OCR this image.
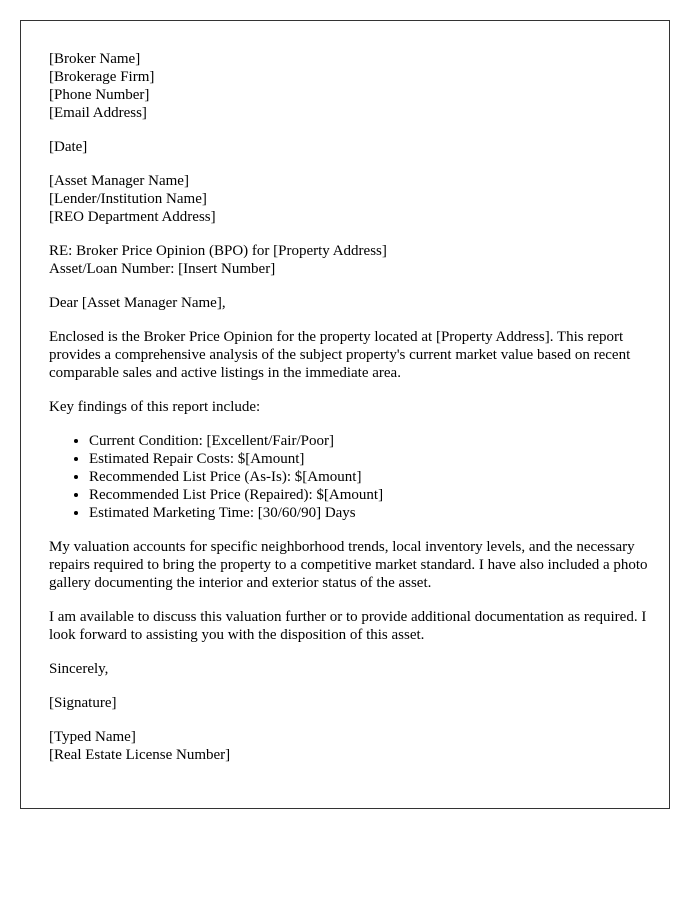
[Broker Name]
[Brokerage Firm]
[Phone Number]
[Email Address]
[Date]
[Asset Manager Name]
[Lender/Institution Name]
[REO Department Address]
RE: Broker Price Opinion (BPO) for [Property Address]
Asset/Loan Number: [Insert Number]

Dear [Asset Manager Name],

Enclosed is the Broker Price Opinion for the property located at [Property Address]. This report provides a comprehensive analysis of the subject property's current market value based on recent comparable sales and active listings in the immediate area.

Key findings of this report include:

• Current Condition: [Excellent/Fair/Poor]
• Estimated Repair Costs: $[Amount]
• Recommended List Price (As-Is): $[Amount]
• Recommended List Price (Repaired): $[Amount]
• Estimated Marketing Time: [30/60/90] Days

My valuation accounts for specific neighborhood trends, local inventory levels, and the necessary repairs required to bring the property to a competitive market standard. I have also included a photo gallery documenting the interior and exterior status of the asset.

I am available to discuss this valuation further or to provide additional documentation as required. I look forward to assisting you with the disposition of this asset.

Sincerely,

[Signature]

[Typed Name]
[Real Estate License Number]
